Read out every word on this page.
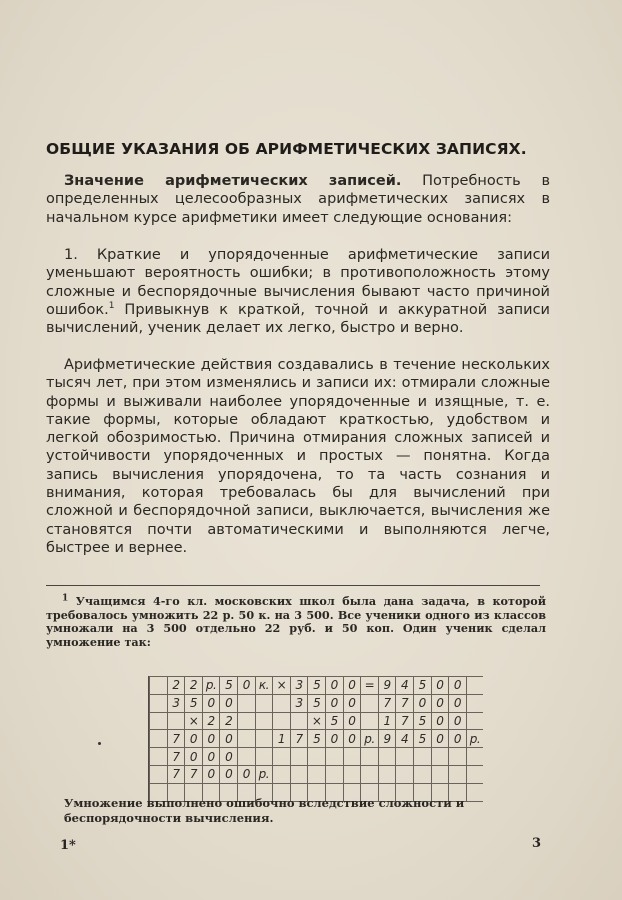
ОБЩИЕ УКАЗАНИЯ ОБ АРИФМЕТИЧЕСКИХ ЗАПИСЯХ.

Значение арифметических записей. Потребность в определенных целесообразных арифметических записях в начальном курсе арифметики имеет следующие основания:

1. Краткие и упорядоченные арифметические записи уменьшают вероятность ошибки; в противоположность этому сложные и беспорядочные вычисления бывают часто причиной ошибок.$^1$ Привыкнув к краткой, точной и аккуратной записи вычислений, ученик делает их легко, быстро и верно.

Арифметические действия создавались в течение нескольких тысяч лет, при этом изменялись и записи их: отмирали сложные формы и выживали наиболее упорядоченные и изящные, т. е. такие формы, которые обладают краткостью, удобством и легкой обозримостью. Причина отмирания сложных записей и устойчивости упорядоченных и простых — понятна. Когда запись вычисления упорядочена, то та часть сознания и внимания, которая требовалась бы для вычислений при сложной и беспорядочной записи, выключается, вычисления же становятся почти автоматическими и выполняются легче, быстрее и вернее.

$^1$ Учащимся 4-го кл. московских школ была дана задача, в которой требовалось умножить 22 р. 50 к. на 3 500. Все ученики одного из классов умножали на 3 500 отдельно 22 руб. и 50 коп. Один ученик сделал умножение так:

	2	2	р.	5	0	к.	×	3	5	0	0	=	9	4	5	0	0	
	3	5	0	0				3	5	0	0		7	7	0	0	0	
		×	2	2					×	5	0		1	7	5	0	0	
	7	0	0	0			1	7	5	0	0	р.	9	4	5	0	0	р.
	7	0	0	0														
	7	7	0	0	0	р.												

Умножение выполнено ошибочно вследствие сложности и беспорядочности вычисления.
1*	3
